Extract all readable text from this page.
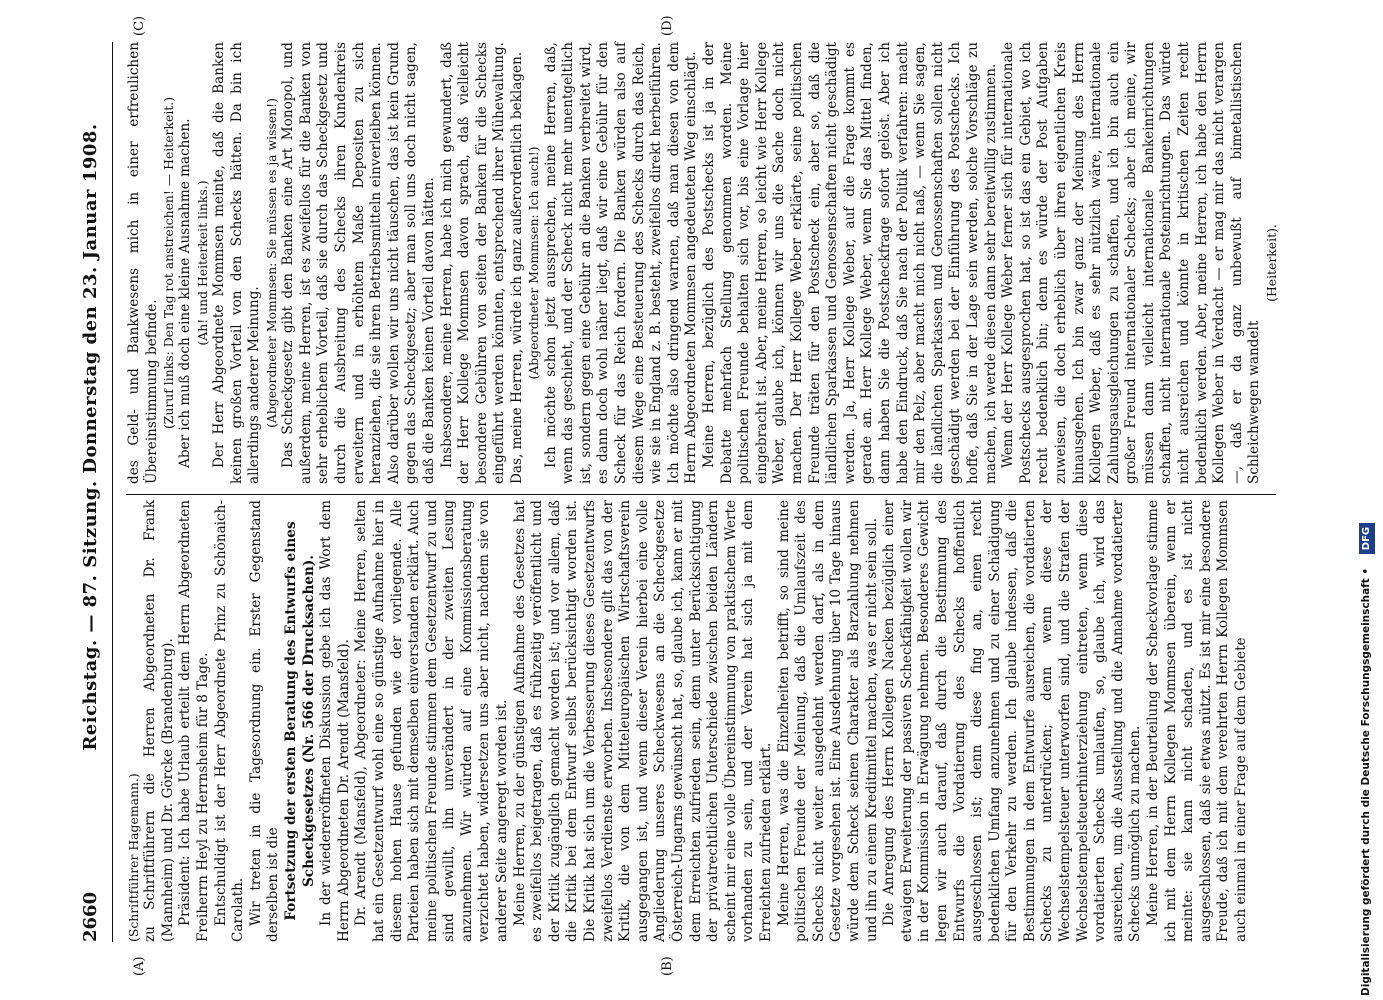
2660
Reichstag. — 87. Sitzung. Donnerstag den 23. Januar 1908.
(A)	(B)
(C)	(D)

(Schriftführer Hagemann.) zu Schriftführern die Herren Abgeordneten Dr. Frank (Mannheim) und Dr. Görcke (Brandenburg). Präsident: Ich habe Urlaub erteilt dem Herrn Abgeordneten Freiherrn Heyl zu Herrnsheim für 8 Tage. Entschuldigt ist der Herr Abgeordnete Prinz zu Schönaich-Carolath. Wir treten in die Tagesordnung ein. Erster Gegenstand derselben ist die Fortsetzung der ersten Beratung des Entwurfs eines Scheckgesetzes (Nr. 566 der Drucksachen). In der wiedereröffneten Diskussion gebe ich das Wort dem Herrn Abgeordneten Dr. Arendt (Mansfeld). Dr. Arendt (Mansfeld), Abgeordneter: Meine Herren, selten hat ein Gesetzentwurf wohl eine so günstige Aufnahme hier in diesem hohen Hause gefunden wie der vorliegende. Alle Parteien haben sich mit demselben einverstanden erklärt. Auch meine politischen Freunde stimmen dem Gesetzentwurf zu und sind gewillt, ihn unverändert in der zweiten Lesung anzunehmen. Wir würden auf eine Kommissionsberatung verzichtet haben, widersetzen uns aber nicht, nachdem sie von anderer Seite angeregt worden ist. Meine Herren, zu der günstigen Aufnahme des Gesetzes hat es zweifellos beigetragen, daß es frühzeitig veröffentlicht und der Kritik zugänglich gemacht worden ist; und vor allem, daß die Kritik bei dem Entwurf selbst berücksichtigt worden ist. Die Kritik hat sich um die Verbesserung dieses Gesetzentwurfs zweifellos Verdienste erworben. Insbesondere gilt das von der Kritik, die von dem Mitteleuropäischen Wirtschaftsverein ausgegangen ist, und wenn dieser Verein hierbei eine volle Angliederung unseres Scheckwesens an die Scheckgesetze Österreich-Ungarns gewünscht hat, so, glaube ich, kann er mit dem Erreichten zufrieden sein, denn unter Berücksichtigung der privatrechtlichen Unterschiede zwischen beiden Ländern scheint mir eine volle Übereinstimmung von praktischem Werte vorhanden zu sein, und der Verein hat sich ja mit dem Erreichten zufrieden erklärt. Meine Herren, was die Einzelheiten betrifft, so sind meine politischen Freunde der Meinung, daß die Umlaufszeit des Schecks nicht weiter ausgedehnt werden darf, als in dem Gesetze vorgesehen ist. Eine Ausdehnung über 10 Tage hinaus würde dem Scheck seinen Charakter als Barzahlung nehmen und ihn zu einem Kreditmittel machen, was er nicht sein soll. Die Anregung des Herrn Kollegen Nacken bezüglich einer etwaigen Erweiterung der passiven Scheckfähigkeit wollen wir in der Kommission in Erwägung nehmen. Besonderes Gewicht legen wir auch darauf, daß durch die Bestimmung des Entwurfs die Vordatierung des Schecks hoffentlich ausgeschlossen ist; denn diese fing an, einen recht bedenklichen Umfang anzunehmen und zu einer Schädigung für den Verkehr zu werden. Ich glaube indessen, daß die Bestimmungen in dem Entwurfe ausreichen, die vordatierten Schecks zu unterdrücken; denn wenn diese der Wechselstempelsteuer unterworfen sind, und die Strafen der Wechselstempelsteuerhinterziehung eintreten, wenn diese vordatierten Schecks umlaufen, so, glaube ich, wird das ausreichen, um die Ausstellung und die Annahme vordatierter Schecks unmöglich zu machen. Meine Herren, in der Beurteilung der Scheckvorlage stimme ich mit dem Herrn Kollegen Mommsen überein, wenn er meinte: sie kann nicht schaden, und es ist nicht ausgeschlossen, daß sie etwas nützt. Es ist mir eine besondere Freude, daß ich mit dem verehrten Herrn Kollegen Mommsen auch einmal in einer Frage auf dem Gebiete

des Geld- und Bankwesens mich in einer erfreulichen Übereinstimmung befinde. (Zuruf links: Den Tag rot anstreichen! — Heiterkeit.) Aber ich muß doch eine kleine Ausnahme machen. (Ah! und Heiterkeit links.) Der Herr Abgeordnete Mommsen meinte, daß die Banken keinen großen Vorteil von den Schecks hätten. Da bin ich allerdings anderer Meinung. (Abgeordneter Mommsen: Sie müssen es ja wissen!) Das Scheckgesetz gibt den Banken eine Art Monopol, und außerdem, meine Herren, ist es zweifellos für die Banken von sehr erheblichem Vorteil, daß sie durch das Scheckgesetz und durch die Ausbreitung des Schecks ihren Kundenkreis erweitern und in erhöhtem Maße Depositen zu sich heranziehen, die sie ihren Betriebsmitteln einverleiben können. Also darüber wollen wir uns nicht täuschen, das ist kein Grund gegen das Scheckgesetz; aber man soll uns doch nicht sagen, daß die Banken keinen Vorteil davon hätten. Insbesondere, meine Herren, habe ich mich gewundert, daß der Herr Kollege Mommsen davon sprach, daß vielleicht besondere Gebühren von seiten der Banken für die Schecks eingeführt werden könnten, entsprechend ihrer Mühewaltung. Das, meine Herren, würde ich ganz außerordentlich beklagen. (Abgeordneter Mommsen: Ich auch!) Ich möchte schon jetzt aussprechen, meine Herren, daß, wenn das geschieht, und der Scheck nicht mehr unentgeltlich ist, sondern gegen eine Gebühr an die Banken verbreitet wird, es dann doch wohl näher liegt, daß wir eine Gebühr für den Scheck für das Reich fordern. Die Banken würden also auf diesem Wege eine Besteuerung des Schecks durch das Reich, wie sie in England z. B. besteht, zweifellos direkt herbeiführen. Ich möchte also dringend warnen, daß man diesen von dem Herrn Abgeordneten Mommsen angedeuteten Weg einschlägt. Meine Herren, bezüglich des Postschecks ist ja in der Debatte mehrfach Stellung genommen worden. Meine politischen Freunde behalten sich vor, bis eine Vorlage hier eingebracht ist. Aber, meine Herren, so leicht wie Herr Kollege Weber, glaube ich, können wir uns die Sache doch nicht machen. Der Herr Kollege Weber erklärte, seine politischen Freunde träten für den Postscheck ein, aber so, daß die ländlichen Sparkassen und Genossenschaften nicht geschädigt werden. Ja, Herr Kollege Weber, auf die Frage kommt es gerade an. Herr Kollege Weber, wenn Sie das Mittel finden, dann haben Sie die Postscheckfrage sofort gelöst. Aber ich habe den Eindruck, daß Sie nach der Politik verfahren: macht mir den Pelz, aber macht mich nicht naß, — wenn Sie sagen, die ländlichen Sparkassen und Genossenschaften sollen nicht geschädigt werden bei der Einführung des Postschecks. Ich hoffe, daß Sie in der Lage sein werden, solche Vorschläge zu machen, ich werde diesen dann sehr bereitwillig zustimmen. Wenn der Herr Kollege Weber ferner sich für internationale Postschecks ausgesprochen hat, so ist das ein Gebiet, wo ich recht bedenklich bin; denn es würde der Post Aufgaben zuweisen, die doch erheblich über ihren eigentlichen Kreis hinausgehen. Ich bin zwar ganz der Meinung des Herrn Kollegen Weber, daß es sehr nützlich wäre, internationale Zahlungsausgleichungen zu schaffen, und ich bin auch ein großer Freund internationaler Schecks; aber ich meine, wir müssen dann vielleicht internationale Bankeinrichtungen schaffen, nicht internationale Posteinrichtungen. Das würde nicht ausreichen und könnte in kritischen Zeiten recht bedenklich werden. Aber, meine Herren, ich habe den Herrn Kollegen Weber in Verdacht — er mag mir das nicht verargen —, daß er da ganz unbewußt auf bimetallistischen Schleichwegen wandelt

(Heiterkeit).

Digitalisierung gefördert durch die Deutsche Forschungsgemeinschaft • DFG
